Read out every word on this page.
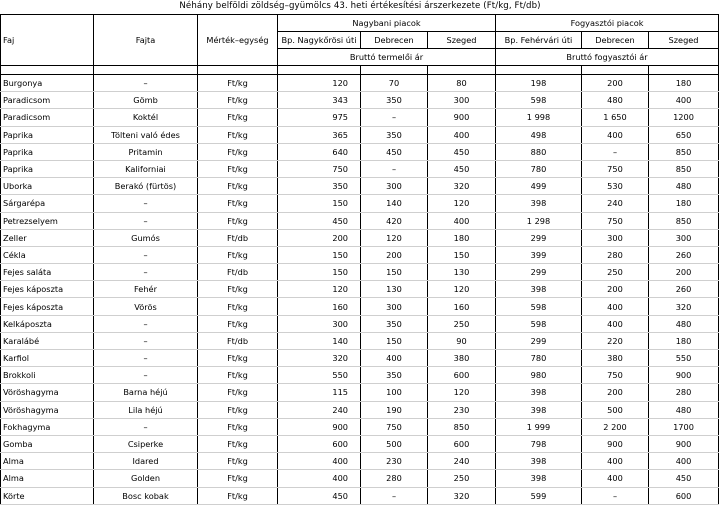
Néhány belföldi zöldség–gyümölcs 43. heti értékesítési árszerkezete (Ft/kg, Ft/db)
Faj	Fajta	Mérték–egység	Nagybani piacok			Fogyasztói piacok		
			Bp. Nagykőrösi úti	Debrecen	Szeged	Bp. Fehérvári úti	Debrecen	Szeged
			Bruttó termelői ár			Bruttó fogyasztói ár		

Burgonya	–	Ft/kg	120	70	80	198	200	180
Paradicsom	Gömb	Ft/kg	343	350	300	598	480	400
Paradicsom	Koktél	Ft/kg	975	–	900	1 998	1 650	1200
Paprika	Tölteni való édes	Ft/kg	365	350	400	498	400	650
Paprika	Pritamin	Ft/kg	640	450	450	880	–	850
Paprika	Kaliforniai	Ft/kg	750	–	450	780	750	850
Uborka	Berakó (fürtös)	Ft/kg	350	300	320	499	530	480
Sárgarépa	–	Ft/kg	150	140	120	398	240	180
Petrezselyem	–	Ft/kg	450	420	400	1 298	750	850
Zeller	Gumós	Ft/db	200	120	180	299	300	300
Cékla	–	Ft/kg	150	200	150	399	280	260
Fejes saláta	–	Ft/db	150	150	130	299	250	200
Fejes káposzta	Fehér	Ft/kg	120	130	120	398	200	260
Fejes káposzta	Vörös	Ft/kg	160	300	160	598	400	320
Kelkáposzta	–	Ft/kg	300	350	250	598	400	480
Karalábé	–	Ft/db	140	150	90	299	220	180
Karfiol	–	Ft/kg	320	400	380	780	380	550
Brokkoli	–	Ft/kg	550	350	600	980	750	900
Vöröshagyma	Barna héjú	Ft/kg	115	100	120	398	200	280
Vöröshagyma	Lila héjú	Ft/kg	240	190	230	398	500	480
Fokhagyma	–	Ft/kg	900	750	850	1 999	2 200	1700
Gomba	Csiperke	Ft/kg	600	500	600	798	900	900
Alma	Idared	Ft/kg	400	230	240	398	400	400
Alma	Golden	Ft/kg	400	280	250	398	400	450
Körte	Bosc kobak	Ft/kg	450	–	320	599	–	600
